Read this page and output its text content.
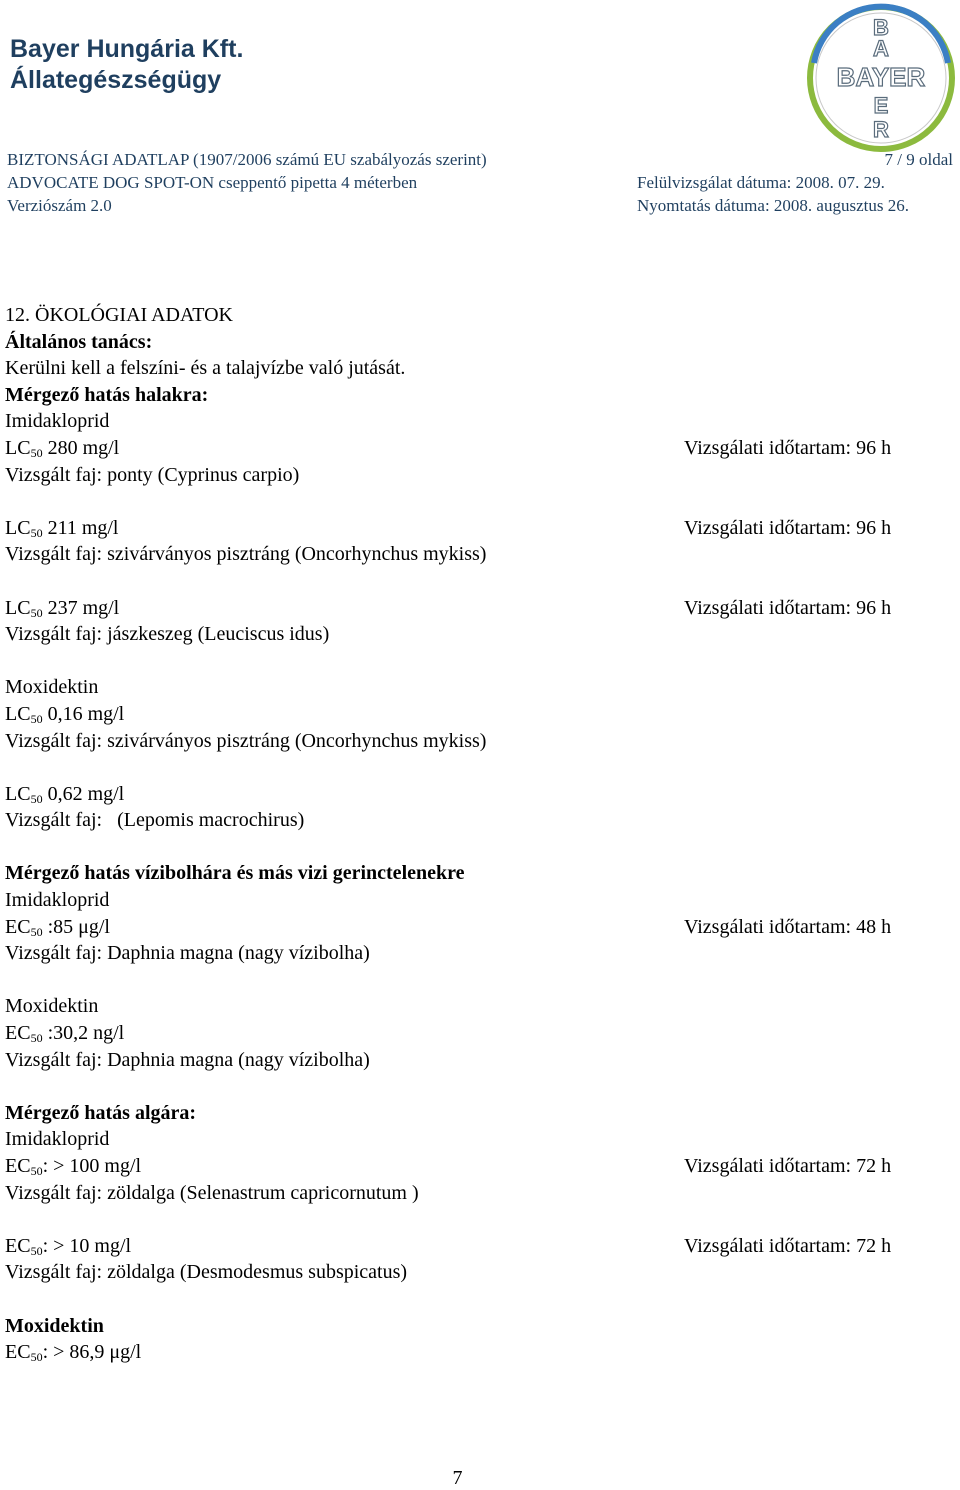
Bayer Hungária Kft.
Állategészségügy
B
A
BAYER
E
R
BIZTONSÁGI ADATLAP (1907/2006 számú EU szabályozás szerint)	7 / 9 oldal
ADVOCATE DOG SPOT-ON cseppentő pipetta 4 méterben	Felülvizsgálat dátuma: 2008. 07. 29.
Verziószám 2.0	Nyomtatás dátuma: 2008. augusztus 26.
12. ÖKOLÓGIAI ADATOK
Általános tanács:
Kerülni kell a felszíni- és a talajvízbe való jutását.
Mérgező hatás halakra:
Imidakloprid
$LC_{50}$ 280 mg/l	Vizsgálati időtartam: 96 h
Vizsgált faj: ponty (Cyprinus carpio)
$LC_{50}$ 211 mg/l	Vizsgálati időtartam: 96 h
Vizsgált faj: szivárványos pisztráng (Oncorhynchus mykiss)
$LC_{50}$ 237 mg/l	Vizsgálati időtartam: 96 h
Vizsgált faj: jászkeszeg (Leuciscus idus)
Moxidektin
$LC_{50}$ 0,16 mg/l
Vizsgált faj: szivárványos pisztráng (Oncorhynchus mykiss)
$LC_{50}$ 0,62 mg/l
Vizsgált faj:   (Lepomis macrochirus)
Mérgező hatás vízibolhára és más vizi gerinctelenekre
Imidakloprid
$EC_{50}$ :85 μg/l	Vizsgálati időtartam: 48 h
Vizsgált faj: Daphnia magna (nagy vízibolha)
Moxidektin
$EC_{50}$ :30,2 ng/l
Vizsgált faj: Daphnia magna (nagy vízibolha)
Mérgező hatás algára:
Imidakloprid
$EC_{50}$: > 100 mg/l	Vizsgálati időtartam: 72 h
Vizsgált faj: zöldalga (Selenastrum capricornutum )
$EC_{50}$: > 10 mg/l	Vizsgálati időtartam: 72 h
Vizsgált faj: zöldalga (Desmodesmus subspicatus)
Moxidektin
$EC_{50}$: > 86,9 μg/l
7
